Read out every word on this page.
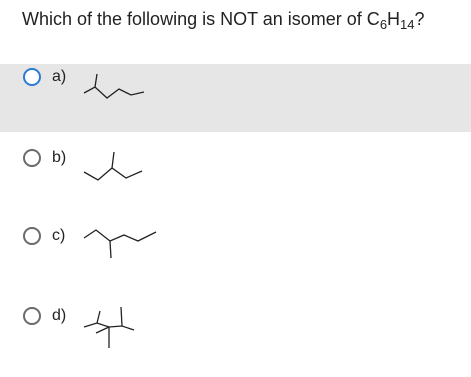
Which of the following is NOT an isomer of $C_6H_{14}$?
a)
b)
c)
d)
